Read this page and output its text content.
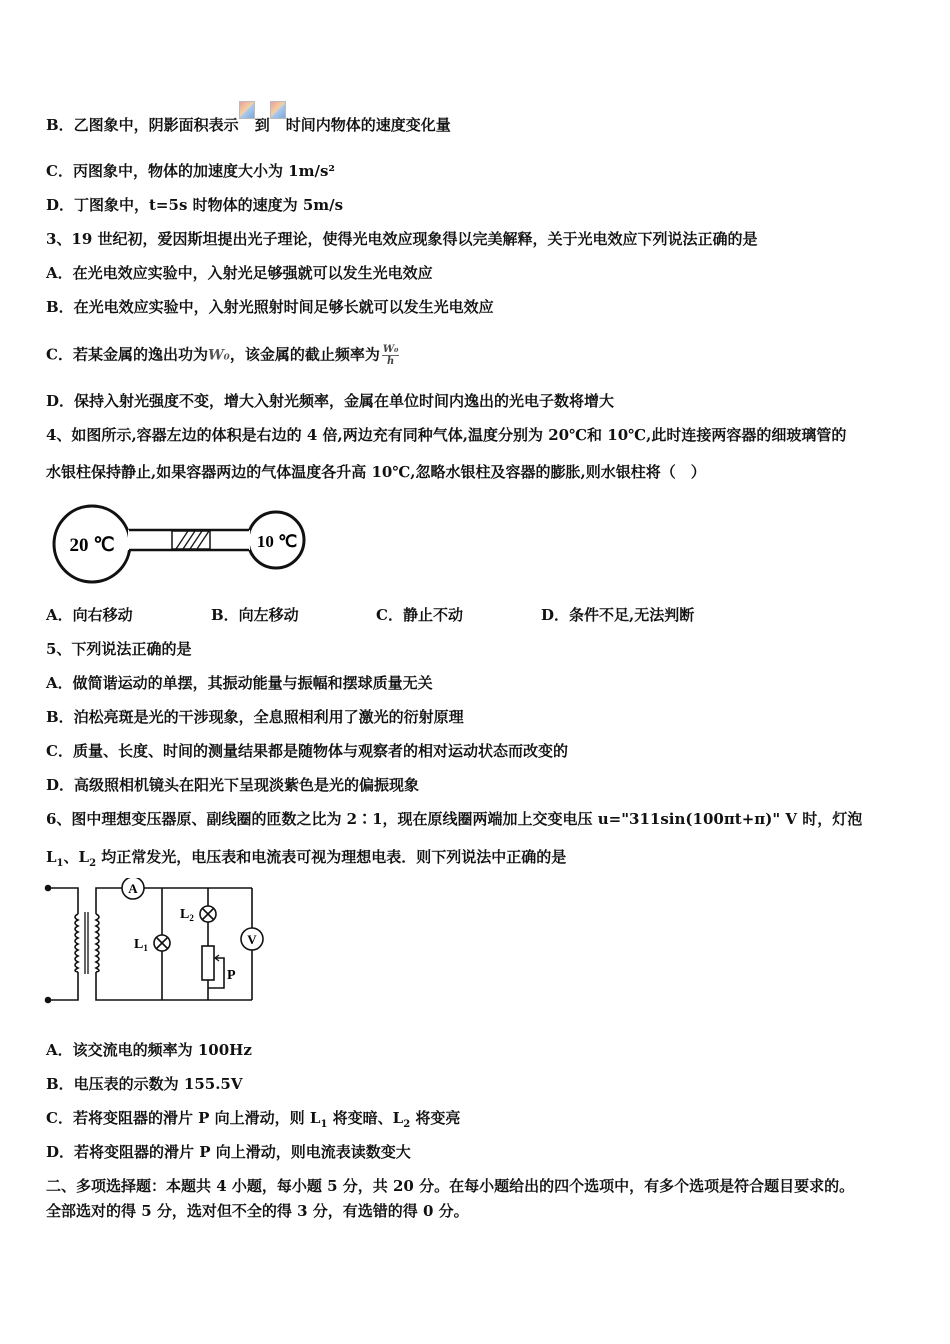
B．乙图象中，阴影面积表示 到 时间内物体的速度变化量
C．丙图象中，物体的加速度大小为 1m/s²
D．丁图象中，t=5s 时物体的速度为 5m/s
3、19 世纪初，爱因斯坦提出光子理论，使得光电效应现象得以完美解释，关于光电效应下列说法正确的是
A．在光电效应实验中，入射光足够强就可以发生光电效应
B．在光电效应实验中，入射光照射时间足够长就可以发生光电效应
C．若某金属的逸出功为W₀，该金属的截止频率为 $\frac{\text{W₀}}{h}$
D．保持入射光强度不变，增大入射光频率，金属在单位时间内逸出的光电子数将增大
4、如图所示,容器左边的体积是右边的 4 倍,两边充有同种气体,温度分别为 20℃和 10℃,此时连接两容器的细玻璃管的
水银柱保持静止,如果容器两边的气体温度各升高 10℃,忽略水银柱及容器的膨胀,则水银柱将（　）
20 ℃	10 ℃
A．向右移动	B．向左移动	C．静止不动	D．条件不足,无法判断
5、下列说法正确的是
A．做简谐运动的单摆，其振动能量与振幅和摆球质量无关
B．泊松亮斑是光的干涉现象，全息照相利用了激光的衍射原理
C．质量、长度、时间的测量结果都是随物体与观察者的相对运动状态而改变的
D．高级照相机镜头在阳光下呈现淡紫色是光的偏振现象
6、图中理想变压器原、副线圈的匝数之比为 2∶1，现在原线圈两端加上交变电压 u="311sin(100πt+π)" V 时，灯泡
$L_1$、$L_2$ 均正常发光，电压表和电流表可视为理想电表．则下列说法中正确的是
A
V
$L_1$
$L_2$
P
A．该交流电的频率为 100Hz
B．电压表的示数为 155.5V
C．若将变阻器的滑片 P 向上滑动，则 $L_1$ 将变暗、$L_2$ 将变亮
D．若将变阻器的滑片 P 向上滑动，则电流表读数变大
二、多项选择题：本题共 4 小题，每小题 5 分，共 20 分。在每小题给出的四个选项中，有多个选项是符合题目要求的。
全部选对的得 5 分，选对但不全的得 3 分，有选错的得 0 分。
